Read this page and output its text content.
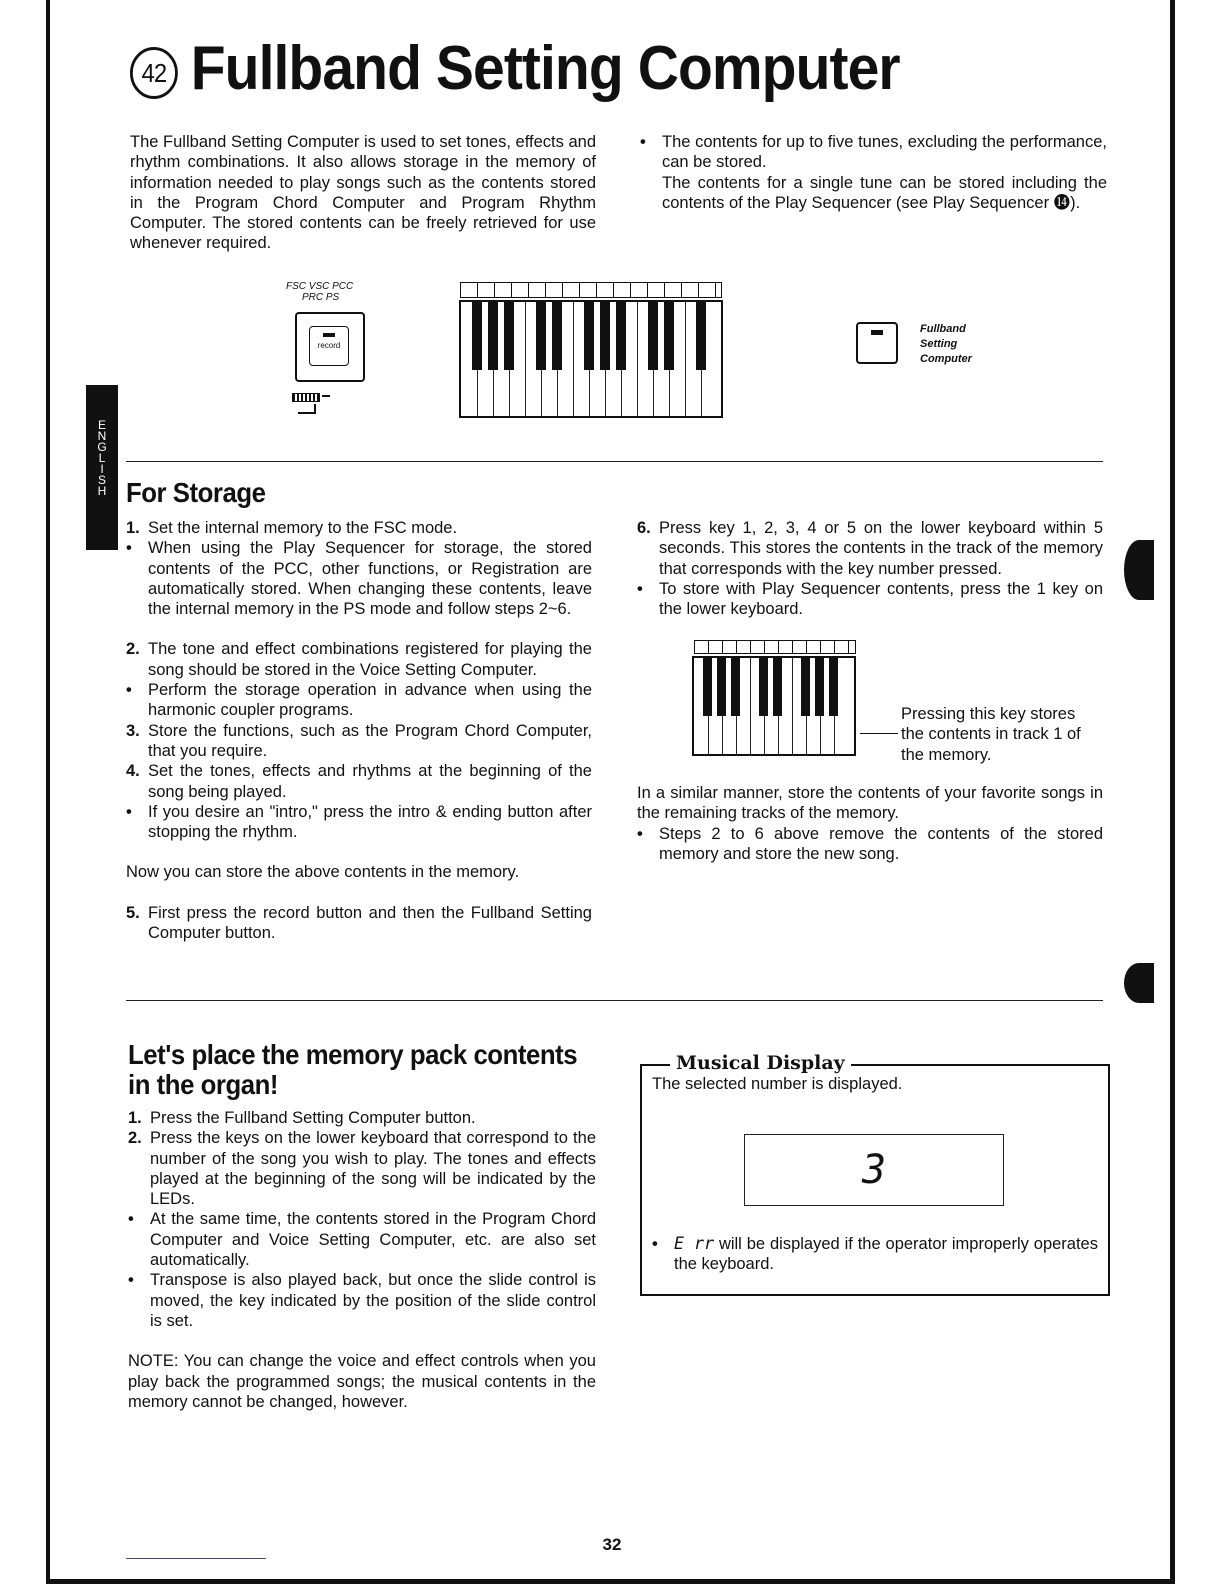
E
N
G
L
I
S
H
42 Fullband Setting Computer
The Fullband Setting Computer is used to set tones, effects and rhythm combinations. It also allows storage in the memory of information needed to play songs such as the contents stored in the Program Chord Computer and Program Rhythm Computer. The stored contents can be freely retrieved for use whenever required.
• The contents for up to five tunes, excluding the performance, can be stored.
The contents for a single tune can be stored including the contents of the Play Sequencer (see Play Sequencer ⓮).
FSC VSC PCC
PRC PS
record
Fullband
Setting
Computer
For Storage
1. Set the internal memory to the FSC mode.
• When using the Play Sequencer for storage, the stored contents of the PCC, other functions, or Registration are automatically stored. When changing these contents, leave the internal memory in the PS mode and follow steps 2~6.
2. The tone and effect combinations registered for playing the song should be stored in the Voice Setting Computer.
• Perform the storage operation in advance when using the harmonic coupler programs.
3. Store the functions, such as the Program Chord Computer, that you require.
4. Set the tones, effects and rhythms at the beginning of the song being played.
• If you desire an "intro," press the intro & ending button after stopping the rhythm.
Now you can store the above contents in the memory.
5. First press the record button and then the Fullband Setting Computer button.
6. Press key 1, 2, 3, 4 or 5 on the lower keyboard within 5 seconds. This stores the contents in the track of the memory that corresponds with the key number pressed.
• To store with Play Sequencer contents, press the 1 key on the lower keyboard.
Pressing this key stores the contents in track 1 of the memory.
In a similar manner, store the contents of your favorite songs in the remaining tracks of the memory.
• Steps 2 to 6 above remove the contents of the stored memory and store the new song.
Let's place the memory pack contents
in the organ!
1. Press the Fullband Setting Computer button.
2. Press the keys on the lower keyboard that correspond to the number of the song you wish to play. The tones and effects played at the beginning of the song will be indicated by the LEDs.
• At the same time, the contents stored in the Program Chord Computer and Voice Setting Computer, etc. are also set automatically.
• Transpose is also played back, but once the slide control is moved, the key indicated by the position of the slide control is set.
NOTE: You can change the voice and effect controls when you play back the programmed songs; the musical contents in the memory cannot be changed, however.
The selected number is displayed.
3
• E rr will be displayed if the operator improperly operates the keyboard.
Musical Display
32
